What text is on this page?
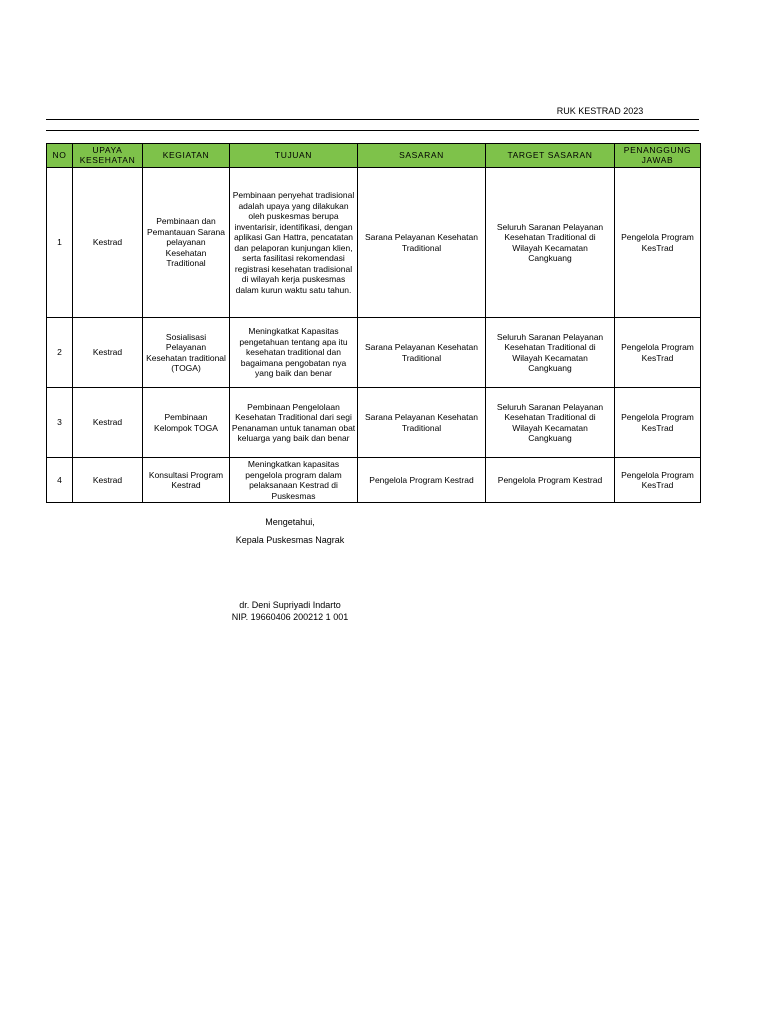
RUK KESTRAD 2023
NO	UPAYA KESEHATAN	KEGIATAN	TUJUAN	SASARAN	TARGET SASARAN	PENANGGUNG JAWAB
1	Kestrad	Pembinaan dan Pemantauan Sarana pelayanan Kesehatan Traditional	Pembinaan penyehat tradisional adalah upaya yang dilakukan oleh puskesmas berupa inventarisir, identifikasi, dengan aplikasi Gan Hattra, pencatatan dan pelaporan kunjungan klien, serta fasilitasi rekomendasi registrasi kesehatan tradisional di wilayah kerja puskesmas dalam kurun waktu satu tahun.	Sarana Pelayanan Kesehatan Traditional	Seluruh Saranan Pelayanan Kesehatan Traditional di Wilayah Kecamatan Cangkuang	Pengelola Program KesTrad
2	Kestrad	Sosialisasi Pelayanan Kesehatan traditional (TOGA)	Meningkatkat Kapasitas pengetahuan tentang apa itu kesehatan traditional dan bagaimana pengobatan nya yang baik dan benar	Sarana Pelayanan Kesehatan Traditional	Seluruh Saranan Pelayanan Kesehatan Traditional di Wilayah Kecamatan Cangkuang	Pengelola Program KesTrad
3	Kestrad	Pembinaan Kelompok TOGA	Pembinaan Pengelolaan Kesehatan Traditional dari segi Penanaman untuk tanaman obat keluarga yang baik dan benar	Sarana Pelayanan Kesehatan Traditional	Seluruh Saranan Pelayanan Kesehatan Traditional di Wilayah Kecamatan Cangkuang	Pengelola Program KesTrad
4	Kestrad	Konsultasi Program Kestrad	Meningkatkan kapasitas pengelola program dalam pelaksanaan Kestrad di Puskesmas	Pengelola Program Kestrad	Pengelola Program Kestrad	Pengelola Program KesTrad
Mengetahui,
Kepala Puskesmas Nagrak
dr. Deni Supriyadi Indarto
NIP. 19660406 200212 1 001
